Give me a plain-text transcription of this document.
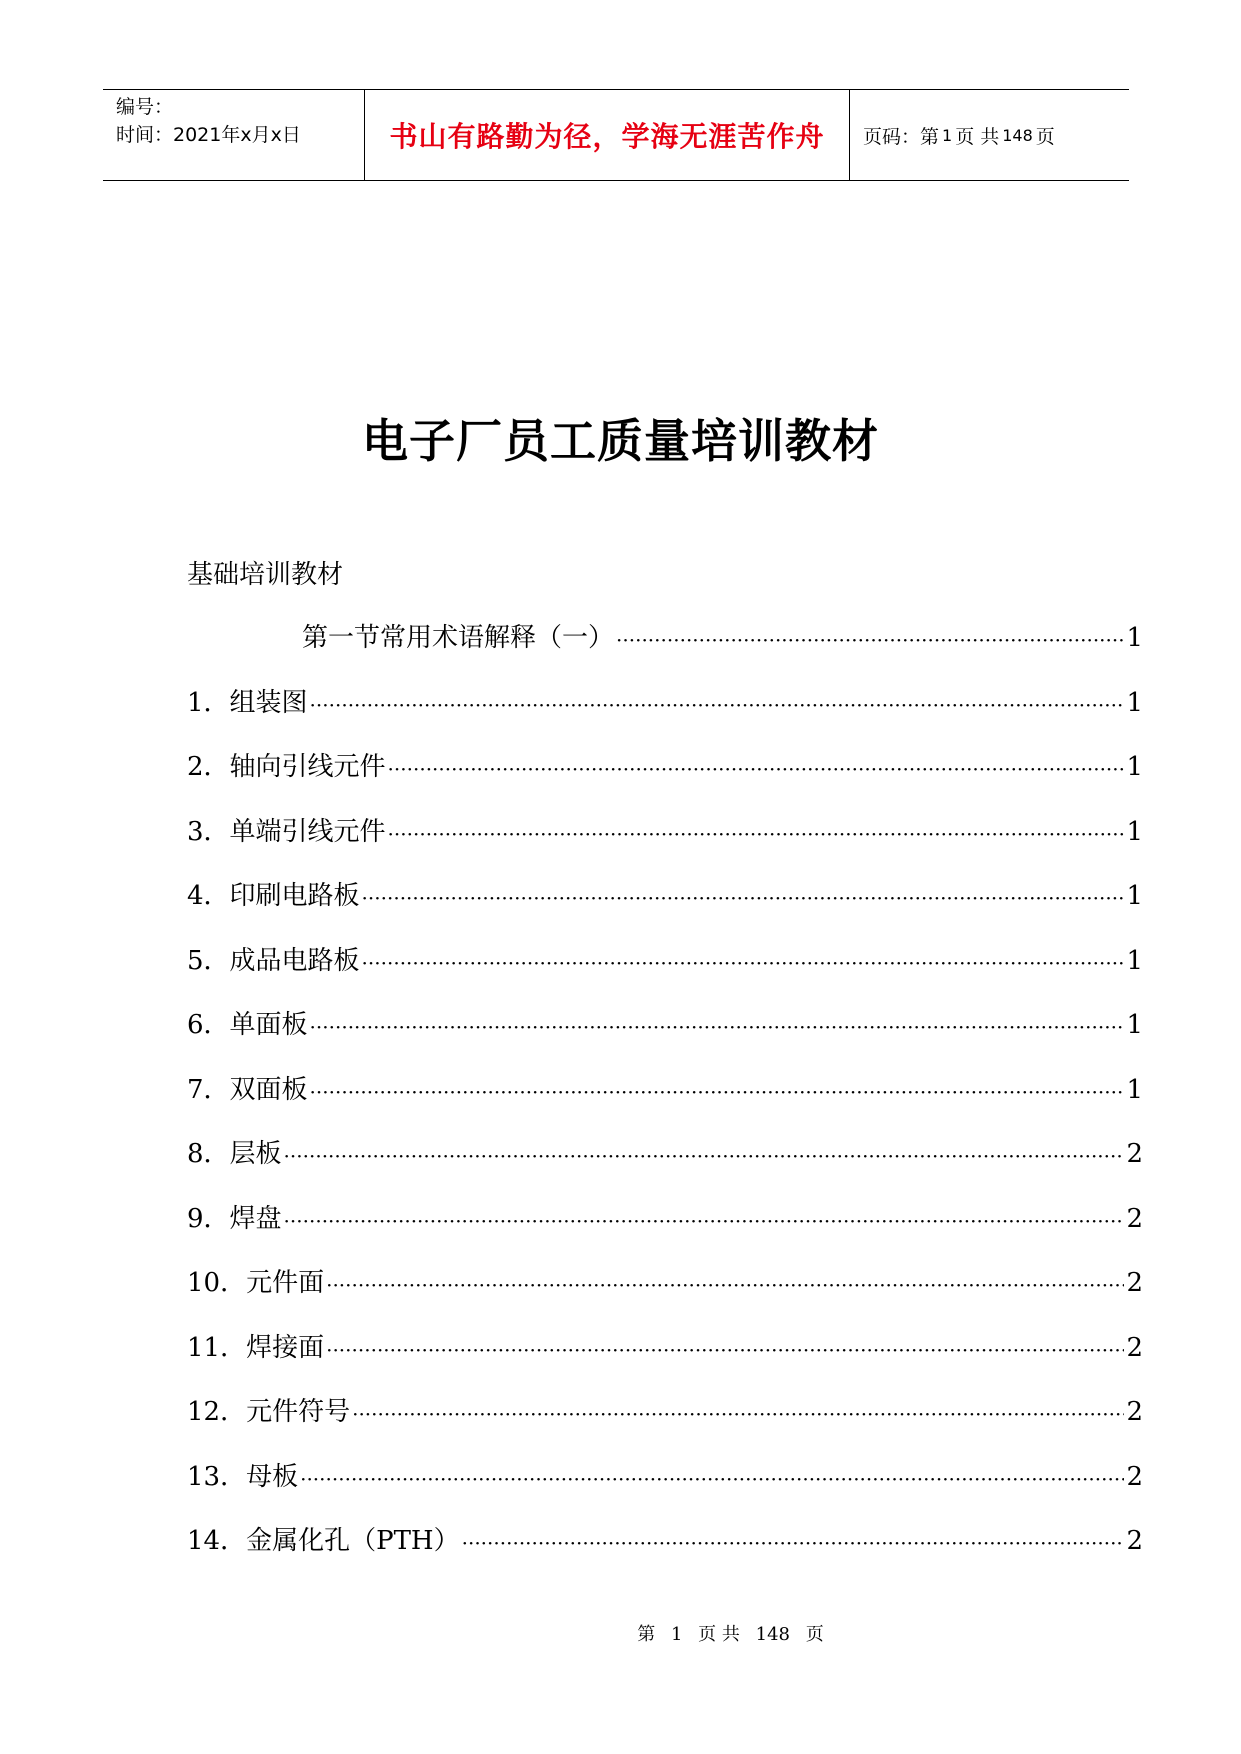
编号：
时间：2021年x月x日	书山有路勤为径，学海无涯苦作舟	页码：第 1 页 共 148 页
电子厂员工质量培训教材
基础培训教材
第一节常用术语解释（一） ·····	1
1．组装图 ·····	1
2．轴向引线元件 ·····	1
3．单端引线元件 ·····	1
4．印刷电路板 ·····	1
5．成品电路板 ·····	1
6．单面板 ·····	1
7．双面板 ·····	1
8．层板 ·····	2
9．焊盘 ·····	2
10．元件面 ·····	2
11．焊接面 ·····	2
12．元件符号 ·····	2
13．母板 ·····	2
14．金属化孔（PTH） ·····	2
第 1 页 共 148 页
